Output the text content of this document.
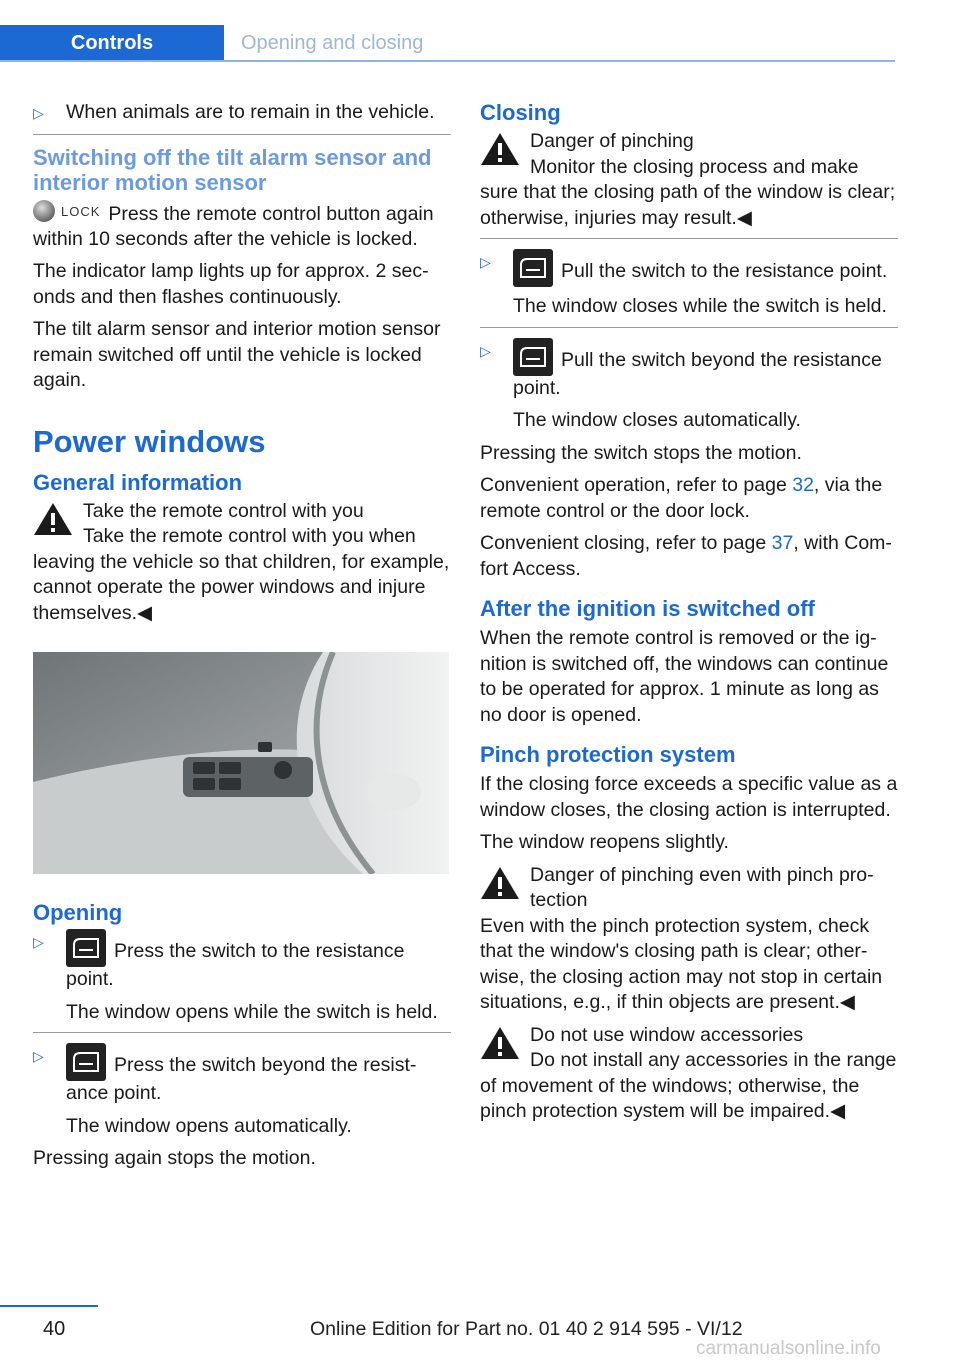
Controls	Opening and closing
▷	When animals are to remain in the vehicle.
Switching off the tilt alarm sensor and interior motion sensor

LOCK Press the remote control button again within 10 seconds after the vehicle is locked.

The indicator lamp lights up for approx. 2 sec‐onds and then flashes continuously.

The tilt alarm sensor and interior motion sensor remain switched off until the vehicle is locked again.

Power windows
General information
Take the remote control with you
Take the remote control with you when
leaving the vehicle so that children, for example, cannot operate the power windows and injure themselves.◀
Opening
▷	Press the switch to the resistance
point.
The window opens while the switch is held.
▷	Press the switch beyond the resist‐
ance point.
The window opens automatically.

Pressing again stops the motion.

Closing
Danger of pinching
Monitor the closing process and make
sure that the closing path of the window is clear; otherwise, injuries may result.◀
▷	Pull the switch to the resistance point.
The window closes while the switch is held.
▷	Pull the switch beyond the resistance
point.
The window closes automatically.

Pressing the switch stops the motion.

Convenient operation, refer to page 32, via the remote control or the door lock.

Convenient closing, refer to page 37, with Com‐fort Access.

After the ignition is switched off

When the remote control is removed or the ig‐nition is switched off, the windows can continue to be operated for approx. 1 minute as long as no door is opened.

Pinch protection system

If the closing force exceeds a specific value as a window closes, the closing action is interrupted.

The window reopens slightly.

Danger of pinching even with pinch pro‐tection
Even with the pinch protection system, check that the window's closing path is clear; other‐wise, the closing action may not stop in certain situations, e.g., if thin objects are present.◀
Do not use window accessories
Do not install any accessories in the range
of movement of the windows; otherwise, the pinch protection system will be impaired.◀
40	Online Edition for Part no. 01 40 2 914 595 - VI/12
carmanualsonline.info
